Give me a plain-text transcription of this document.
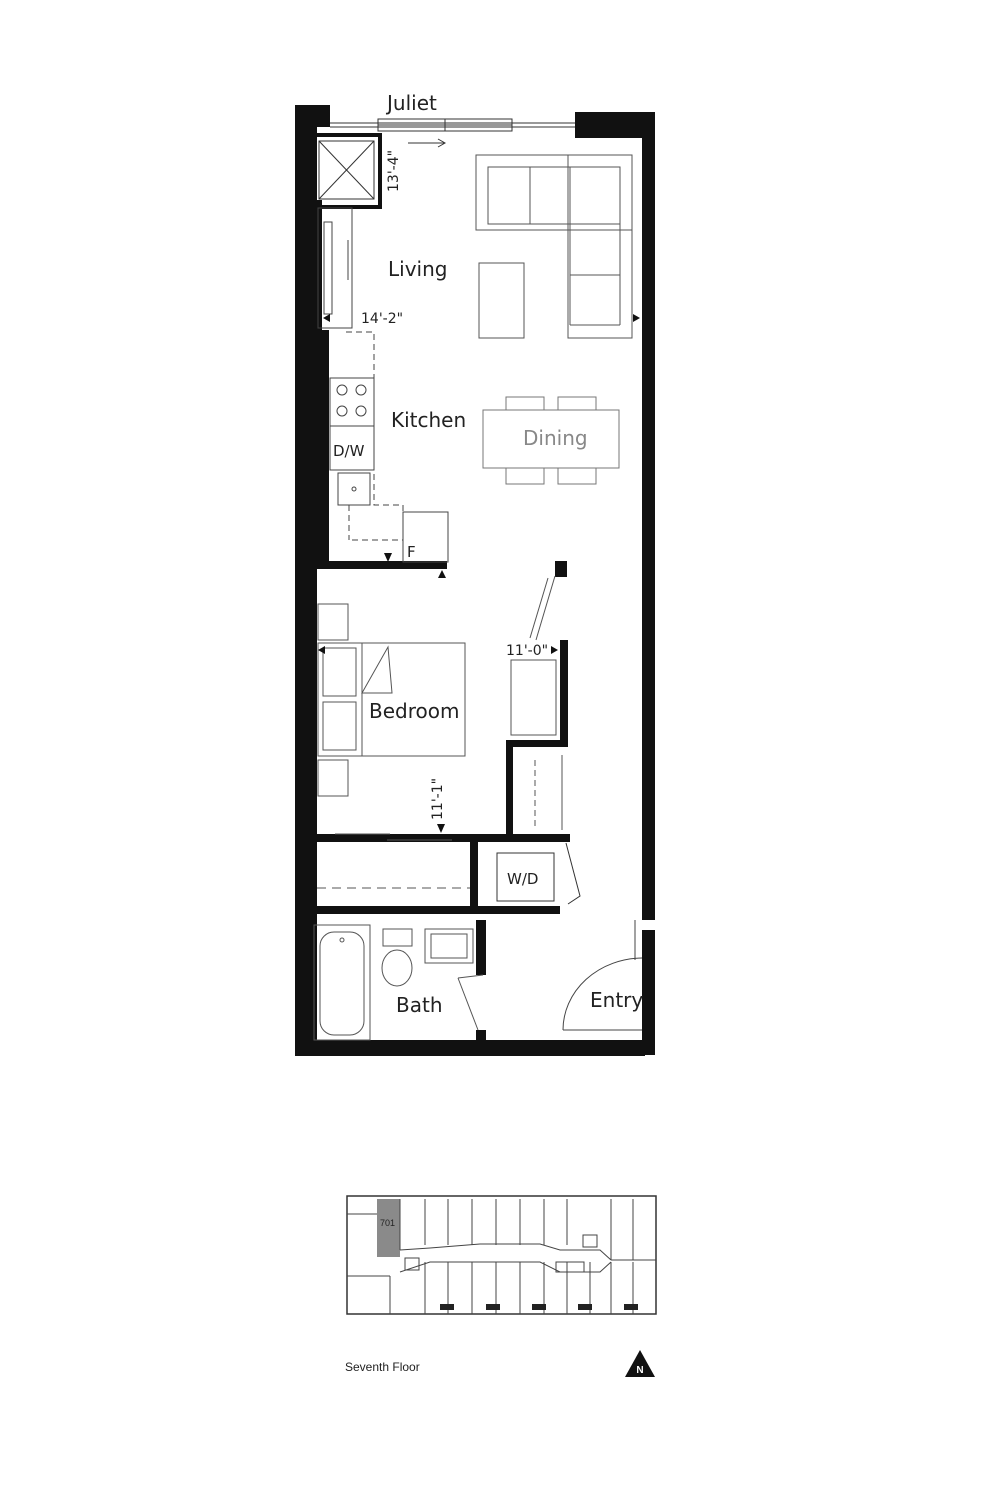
Juliet
13'-4"
Living
14'-2"
Kitchen
Dining
D/W
F
11'-0"
Bedroom
11'-1"
W/D
Bath	Entry
701
Seventh Floor	N
